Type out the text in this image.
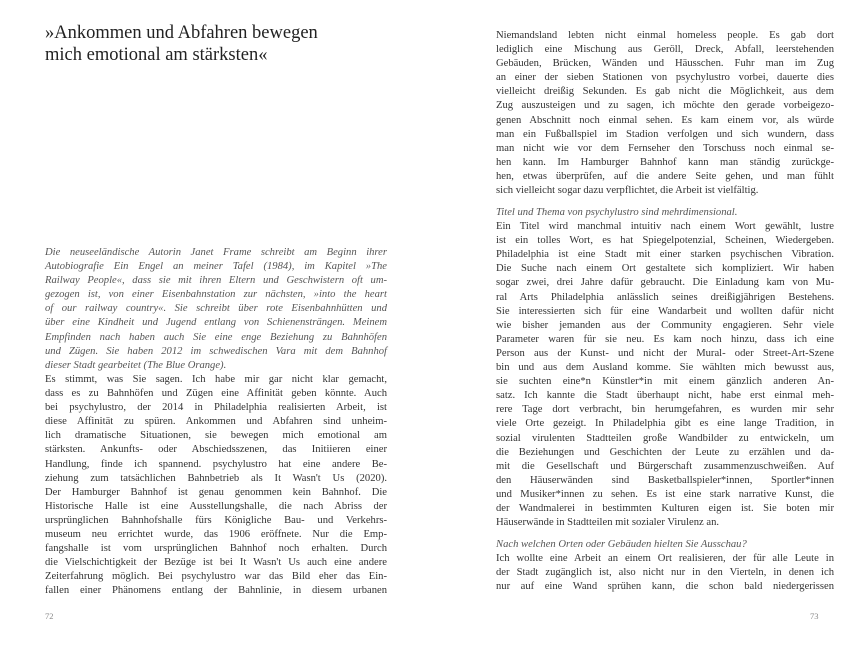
»Ankommen und Abfahren bewegen
mich emotional am stärksten«
Die neuseeländische Autorin Janet Frame schreibt am Beginn ihrer
Autobiografie Ein Engel an meiner Tafel (1984), im Kapitel »The
Railway People«, dass sie mit ihren Eltern und Geschwistern oft um-
gezogen ist, von einer Eisenbahnstation zur nächsten, »into the heart
of our railway country«. Sie schreibt über rote Eisenbahnhütten und
über eine Kindheit und Jugend entlang von Schienensträngen. Meinem
Empfinden nach haben auch Sie eine enge Beziehung zu Bahnhöfen
und Zügen. Sie haben 2012 im schwedischen Vara mit dem Bahnhof
dieser Stadt gearbeitet (The Blue Orange).
Es stimmt, was Sie sagen. Ich habe mir gar nicht klar gemacht,
dass es zu Bahnhöfen und Zügen eine Affinität geben könnte. Auch
bei psychylustro, der 2014 in Philadelphia realisierten Arbeit, ist
diese Affinität zu spüren. Ankommen und Abfahren sind unheim-
lich dramatische Situationen, sie bewegen mich emotional am
stärksten. Ankunfts- oder Abschiedsszenen, das Initiieren einer
Handlung, finde ich spannend. psychylustro hat eine andere Be-
ziehung zum tatsächlichen Bahnbetrieb als It Wasn't Us (2020).
Der Hamburger Bahnhof ist genau genommen kein Bahnhof. Die
Historische Halle ist eine Ausstellungshalle, die nach Abriss der
ursprünglichen Bahnhofshalle fürs Königliche Bau- und Verkehrs-
museum neu errichtet wurde, das 1906 eröffnete. Nur die Emp-
fangshalle ist vom ursprünglichen Bahnhof noch erhalten. Durch
die Vielschichtigkeit der Bezüge ist bei It Wasn't Us auch eine andere
Zeiterfahrung möglich. Bei psychylustro war das Bild eher das Ein-
fallen einer Phänomens entlang der Bahnlinie, in diesem urbanen
72
Niemandsland lebten nicht einmal homeless people. Es gab dort
lediglich eine Mischung aus Geröll, Dreck, Abfall, leerstehenden
Gebäuden, Brücken, Wänden und Häusschen. Fuhr man im Zug
an einer der sieben Stationen von psychylustro vorbei, dauerte dies
vielleicht dreißig Sekunden. Es gab nicht die Möglichkeit, aus dem
Zug auszusteigen und zu sagen, ich möchte den gerade vorbeigezo-
genen Abschnitt noch einmal sehen. Es kam einem vor, als würde
man ein Fußballspiel im Stadion verfolgen und sich wundern, dass
man nicht wie vor dem Fernseher den Torschuss noch einmal se-
hen kann. Im Hamburger Bahnhof kann man ständig zurückge-
hen, etwas überprüfen, auf die andere Seite gehen, und man fühlt
sich vielleicht sogar dazu verpflichtet, die Arbeit ist vielfältig.
Titel und Thema von psychylustro sind mehrdimensional.
Ein Titel wird manchmal intuitiv nach einem Wort gewählt, lustre
ist ein tolles Wort, es hat Spiegelpotenzial, Scheinen, Wiedergeben.
Philadelphia ist eine Stadt mit einer starken psychischen Vibration.
Die Suche nach einem Ort gestaltete sich kompliziert. Wir haben
sogar zwei, drei Jahre dafür gebraucht. Die Einladung kam von Mu-
ral Arts Philadelphia anlässlich seines dreißigjährigen Bestehens.
Sie interessierten sich für eine Wandarbeit und wollten dafür nicht
wie bisher jemanden aus der Community engagieren. Sehr viele
Parameter waren für sie neu. Es kam noch hinzu, dass ich eine
Person aus der Kunst- und nicht der Mural- oder Street-Art-Szene
bin und aus dem Ausland komme. Sie wählten mich bewusst aus,
sie suchten eine*n Künstler*in mit einem gänzlich anderen An-
satz. Ich kannte die Stadt überhaupt nicht, habe erst einmal meh-
rere Tage dort verbracht, bin herumgefahren, es wurden mir sehr
viele Orte gezeigt. In Philadelphia gibt es eine lange Tradition, in
sozial virulenten Stadtteilen große Wandbilder zu entwickeln, um
die Beziehungen und Geschichten der Leute zu erzählen und da-
mit die Gesellschaft und Bürgerschaft zusammenzuschweißen. Auf
den Häuserwänden sind Basketballspieler*innen, Sportler*innen
und Musiker*innen zu sehen. Es ist eine stark narrative Kunst, die
der Wandmalerei in bestimmten Kulturen eigen ist. Sie boten mir
Häuserwände in Stadtteilen mit sozialer Virulenz an.
Nach welchen Orten oder Gebäuden hielten Sie Ausschau?
Ich wollte eine Arbeit an einem Ort realisieren, der für alle Leute in
der Stadt zugänglich ist, also nicht nur in den Vierteln, in denen ich
nur auf eine Wand sprühen kann, die schon bald niedergerissen
73
